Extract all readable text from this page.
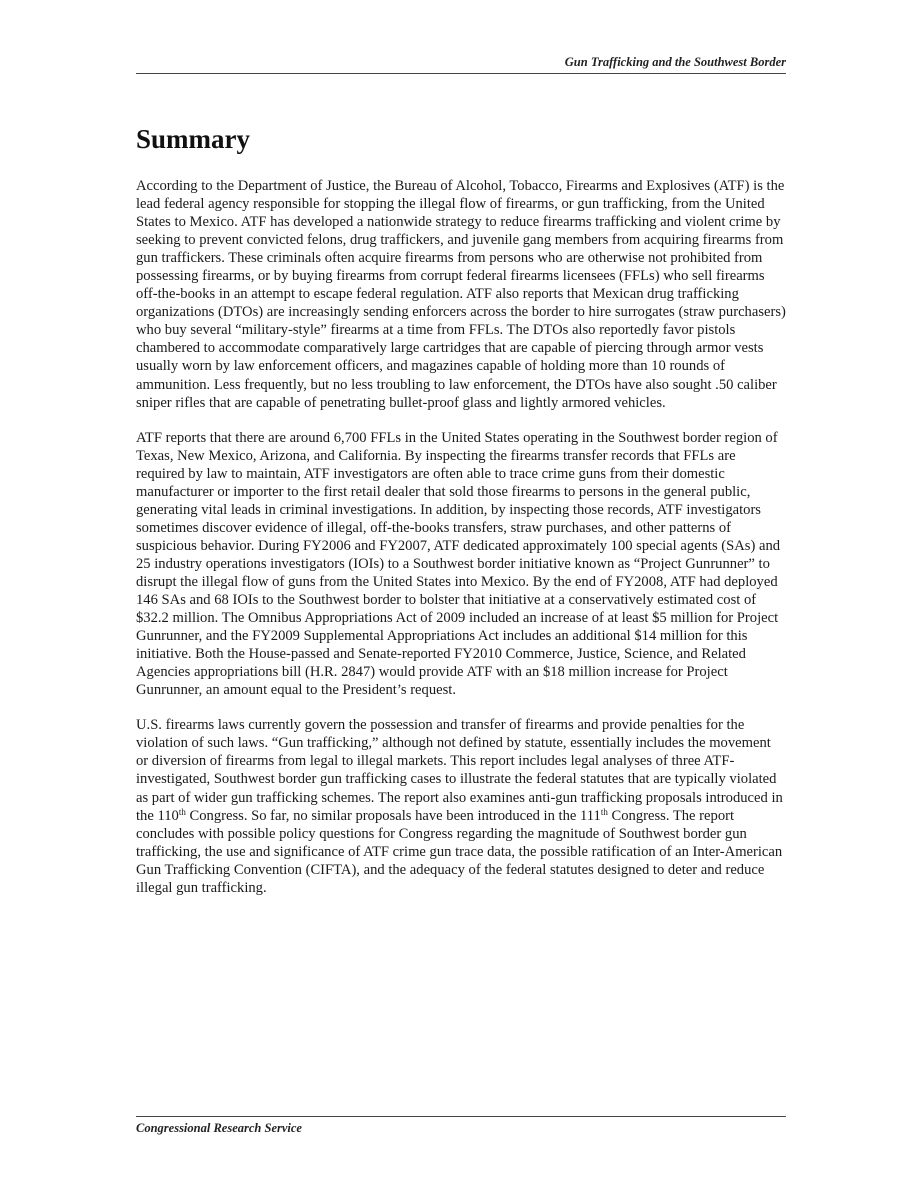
Gun Trafficking and the Southwest Border
Summary

According to the Department of Justice, the Bureau of Alcohol, Tobacco, Firearms and Explosives (ATF) is the lead federal agency responsible for stopping the illegal flow of firearms, or gun trafficking, from the United States to Mexico. ATF has developed a nationwide strategy to reduce firearms trafficking and violent crime by seeking to prevent convicted felons, drug traffickers, and juvenile gang members from acquiring firearms from gun traffickers. These criminals often acquire firearms from persons who are otherwise not prohibited from possessing firearms, or by buying firearms from corrupt federal firearms licensees (FFLs) who sell firearms off-the-books in an attempt to escape federal regulation. ATF also reports that Mexican drug trafficking organizations (DTOs) are increasingly sending enforcers across the border to hire surrogates (straw purchasers) who buy several “military-style” firearms at a time from FFLs. The DTOs also reportedly favor pistols chambered to accommodate comparatively large cartridges that are capable of piercing through armor vests usually worn by law enforcement officers, and magazines capable of holding more than 10 rounds of ammunition. Less frequently, but no less troubling to law enforcement, the DTOs have also sought .50 caliber sniper rifles that are capable of penetrating bullet-proof glass and lightly armored vehicles.

ATF reports that there are around 6,700 FFLs in the United States operating in the Southwest border region of Texas, New Mexico, Arizona, and California. By inspecting the firearms transfer records that FFLs are required by law to maintain, ATF investigators are often able to trace crime guns from their domestic manufacturer or importer to the first retail dealer that sold those firearms to persons in the general public, generating vital leads in criminal investigations. In addition, by inspecting those records, ATF investigators sometimes discover evidence of illegal, off-the-books transfers, straw purchases, and other patterns of suspicious behavior. During FY2006 and FY2007, ATF dedicated approximately 100 special agents (SAs) and 25 industry operations investigators (IOIs) to a Southwest border initiative known as “Project Gunrunner” to disrupt the illegal flow of guns from the United States into Mexico. By the end of FY2008, ATF had deployed 146 SAs and 68 IOIs to the Southwest border to bolster that initiative at a conservatively estimated cost of $32.2 million. The Omnibus Appropriations Act of 2009 included an increase of at least $5 million for Project Gunrunner, and the FY2009 Supplemental Appropriations Act includes an additional $14 million for this initiative. Both the House-passed and Senate-reported FY2010 Commerce, Justice, Science, and Related Agencies appropriations bill (H.R. 2847) would provide ATF with an $18 million increase for Project Gunrunner, an amount equal to the President’s request.

U.S. firearms laws currently govern the possession and transfer of firearms and provide penalties for the violation of such laws. “Gun trafficking,” although not defined by statute, essentially includes the movement or diversion of firearms from legal to illegal markets. This report includes legal analyses of three ATF-investigated, Southwest border gun trafficking cases to illustrate the federal statutes that are typically violated as part of wider gun trafficking schemes. The report also examines anti-gun trafficking proposals introduced in the 110th Congress. So far, no similar proposals have been introduced in the 111th Congress. The report concludes with possible policy questions for Congress regarding the magnitude of Southwest border gun trafficking, the use and significance of ATF crime gun trace data, the possible ratification of an Inter-American Gun Trafficking Convention (CIFTA), and the adequacy of the federal statutes designed to deter and reduce illegal gun trafficking.

Congressional Research Service
